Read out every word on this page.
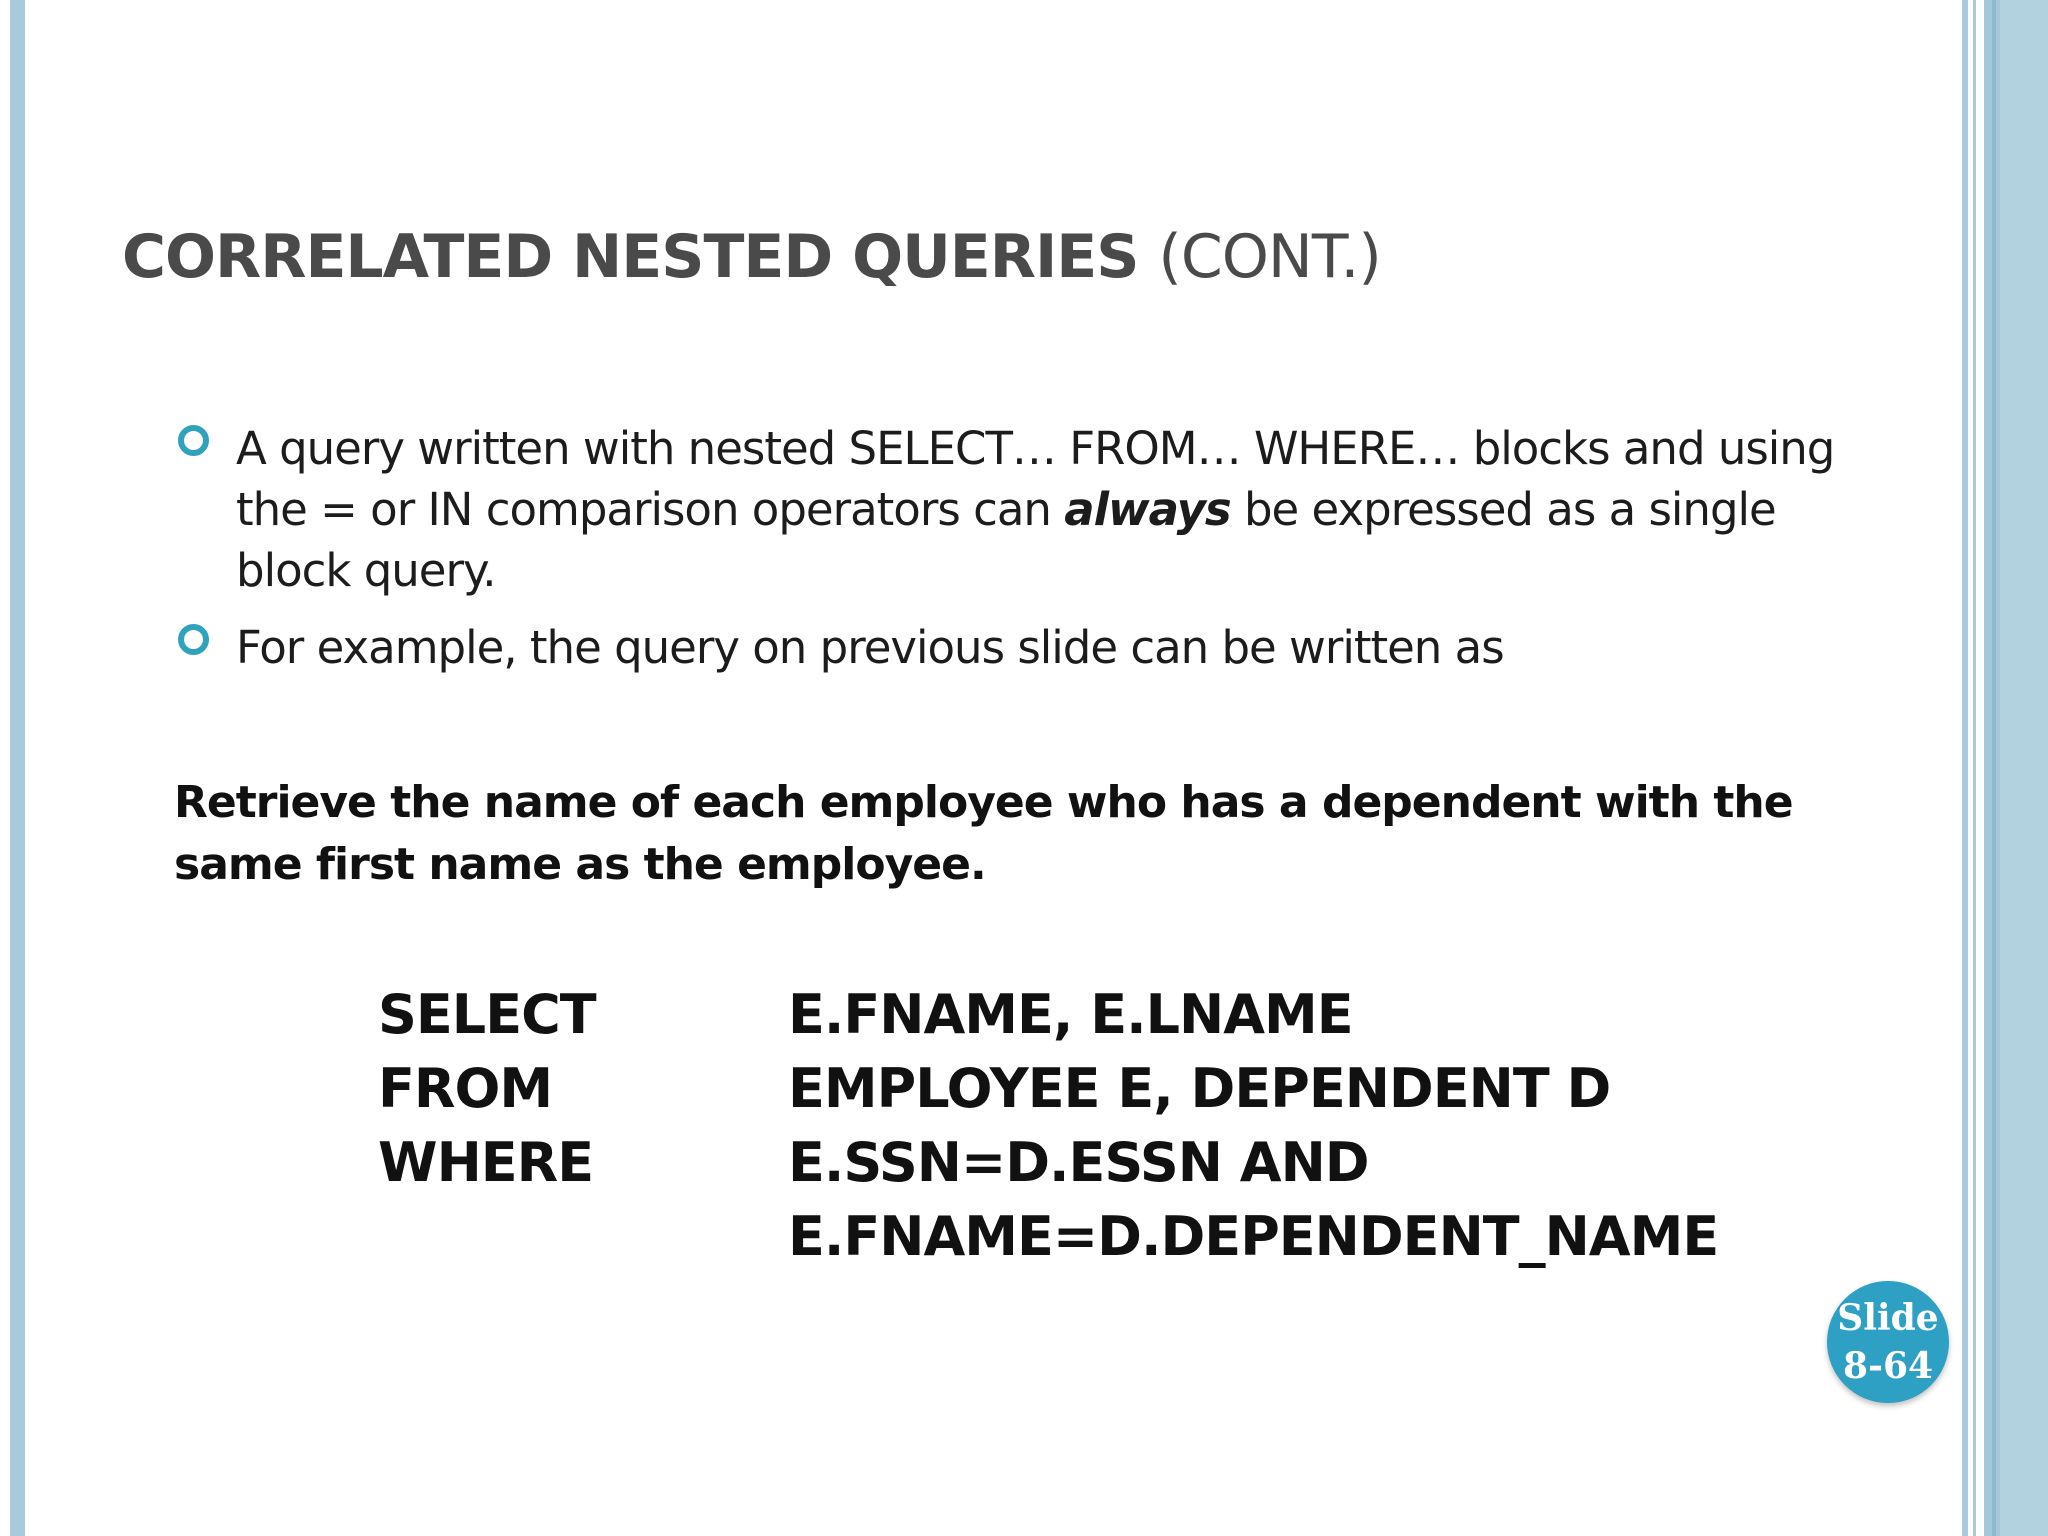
CORRELATED NESTED QUERIES (CONT.)
A query written with nested SELECT… FROM… WHERE… blocks and using the = or IN comparison operators can always be expressed as a single block query.
For example, the query on previous slide can be written as

Retrieve the name of each employee who has a dependent with the same first name as the employee.

SELECT	E.FNAME, E.LNAME
FROM	EMPLOYEE E, DEPENDENT D
WHERE	E.SSN=D.ESSN AND
E.FNAME=D.DEPENDENT_NAME
Slide
8-64
